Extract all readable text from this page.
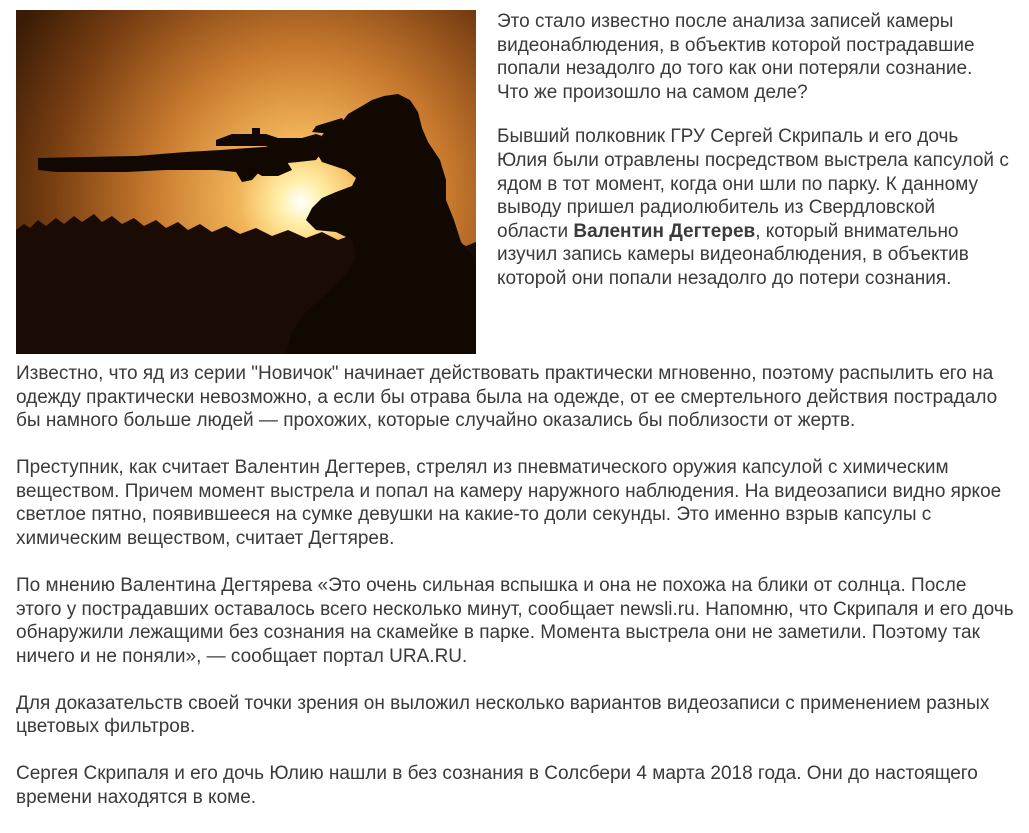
Это стало известно после анализа записей камеры видеонаблюдения, в объектив которой пострадавшие попали незадолго до того как они потеряли сознание. Что же произошло на самом деле?

Бывший полковник ГРУ Сергей Скрипаль и его дочь Юлия были отравлены посредством выстрела капсулой с ядом в тот момент, когда они шли по парку. К данному выводу пришел радиолюбитель из Свердловской области Валентин Дегтерев, который внимательно изучил запись камеры видеонаблюдения, в объектив которой они попали незадолго до потери сознания.

Известно, что яд из серии "Новичок" начинает действовать практически мгновенно, поэтому распылить его на одежду практически невозможно, а если бы отрава была на одежде, от ее смертельного действия пострадало бы намного больше людей — прохожих, которые случайно оказались бы поблизости от жертв.

Преступник, как считает Валентин Дегтерев, стрелял из пневматического оружия капсулой с химическим веществом. Причем момент выстрела и попал на камеру наружного наблюдения. На видеозаписи видно яркое светлое пятно, появившееся на сумке девушки на какие-то доли секунды. Это именно взрыв капсулы с химическим веществом, считает Дегтярев.

По мнению Валентина Дегтярева «Это очень сильная вспышка и она не похожа на блики от солнца. После этого у пострадавших оставалось всего несколько минут, сообщает newsli.ru. Напомню, что Скрипаля и его дочь обнаружили лежащими без сознания на скамейке в парке. Момента выстрела они не заметили. Поэтому так ничего и не поняли», — сообщает портал URA.RU.

Для доказательств своей точки зрения он выложил несколько вариантов видеозаписи с применением разных цветовых фильтров.

Сергея Скрипаля и его дочь Юлию нашли в без сознания в Солсбери 4 марта 2018 года. Они до настоящего времени находятся в коме.
